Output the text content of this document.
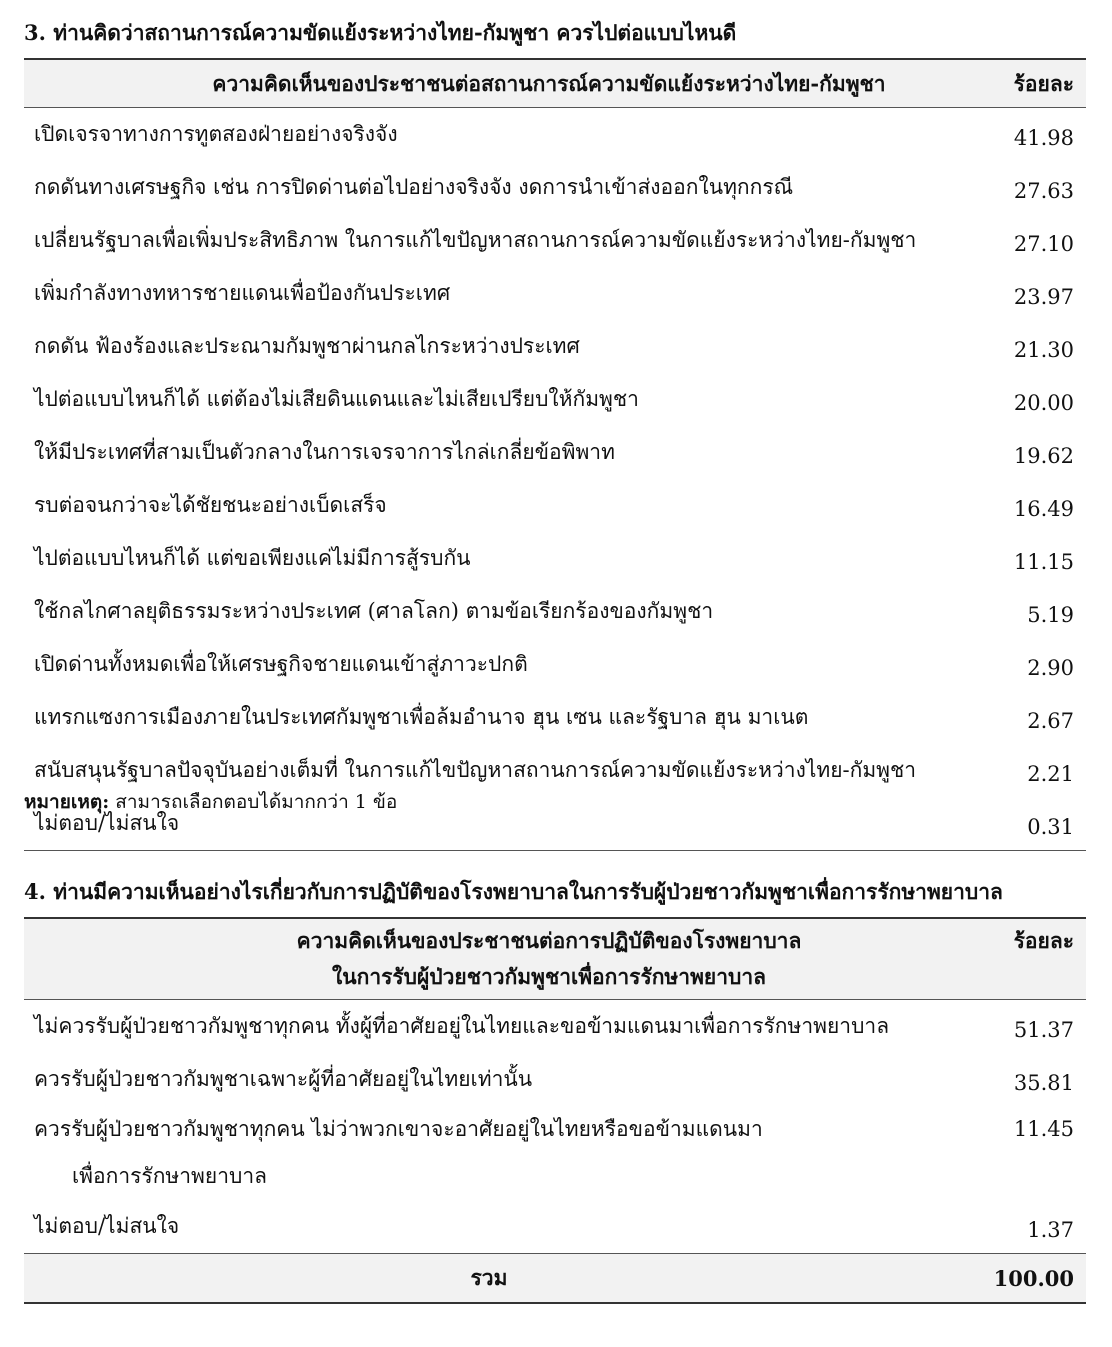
3. ท่านคิดว่าสถานการณ์ความขัดแย้งระหว่างไทย-กัมพูชา ควรไปต่อแบบไหนดี
ความคิดเห็นของประชาชนต่อสถานการณ์ความขัดแย้งระหว่างไทย-กัมพูชา	ร้อยละ
เปิดเจรจาทางการทูตสองฝ่ายอย่างจริงจัง	41.98
กดดันทางเศรษฐกิจ เช่น การปิดด่านต่อไปอย่างจริงจัง งดการนำเข้าส่งออกในทุกกรณี	27.63
เปลี่ยนรัฐบาลเพื่อเพิ่มประสิทธิภาพ ในการแก้ไขปัญหาสถานการณ์ความขัดแย้งระหว่างไทย-กัมพูชา	27.10
เพิ่มกำลังทางทหารชายแดนเพื่อป้องกันประเทศ	23.97
กดดัน ฟ้องร้องและประณามกัมพูชาผ่านกลไกระหว่างประเทศ	21.30
ไปต่อแบบไหนก็ได้ แต่ต้องไม่เสียดินแดนและไม่เสียเปรียบให้กัมพูชา	20.00
ให้มีประเทศที่สามเป็นตัวกลางในการเจรจาการไกล่เกลี่ยข้อพิพาท	19.62
รบต่อจนกว่าจะได้ชัยชนะอย่างเบ็ดเสร็จ	16.49
ไปต่อแบบไหนก็ได้ แต่ขอเพียงแค่ไม่มีการสู้รบกัน	11.15
ใช้กลไกศาลยุติธรรมระหว่างประเทศ (ศาลโลก) ตามข้อเรียกร้องของกัมพูชา	5.19
เปิดด่านทั้งหมดเพื่อให้เศรษฐกิจชายแดนเข้าสู่ภาวะปกติ	2.90
แทรกแซงการเมืองภายในประเทศกัมพูชาเพื่อล้มอำนาจ ฮุน เซน และรัฐบาล ฮุน มาเนต	2.67
สนับสนุนรัฐบาลปัจจุบันอย่างเต็มที่ ในการแก้ไขปัญหาสถานการณ์ความขัดแย้งระหว่างไทย-กัมพูชา	2.21
ไม่ตอบ/ไม่สนใจ	0.31
หมายเหตุ: สามารถเลือกตอบได้มากกว่า 1 ข้อ
4. ท่านมีความเห็นอย่างไรเกี่ยวกับการปฏิบัติของโรงพยาบาลในการรับผู้ป่วยชาวกัมพูชาเพื่อการรักษาพยาบาล
ความคิดเห็นของประชาชนต่อการปฏิบัติของโรงพยาบาล
ในการรับผู้ป่วยชาวกัมพูชาเพื่อการรักษาพยาบาล	ร้อยละ
ไม่ควรรับผู้ป่วยชาวกัมพูชาทุกคน ทั้งผู้ที่อาศัยอยู่ในไทยและขอข้ามแดนมาเพื่อการรักษาพยาบาล	51.37
ควรรับผู้ป่วยชาวกัมพูชาเฉพาะผู้ที่อาศัยอยู่ในไทยเท่านั้น	35.81
ควรรับผู้ป่วยชาวกัมพูชาทุกคน ไม่ว่าพวกเขาจะอาศัยอยู่ในไทยหรือขอข้ามแดนมา
เพื่อการรักษาพยาบาล	11.45
ไม่ตอบ/ไม่สนใจ	1.37
รวม	100.00
